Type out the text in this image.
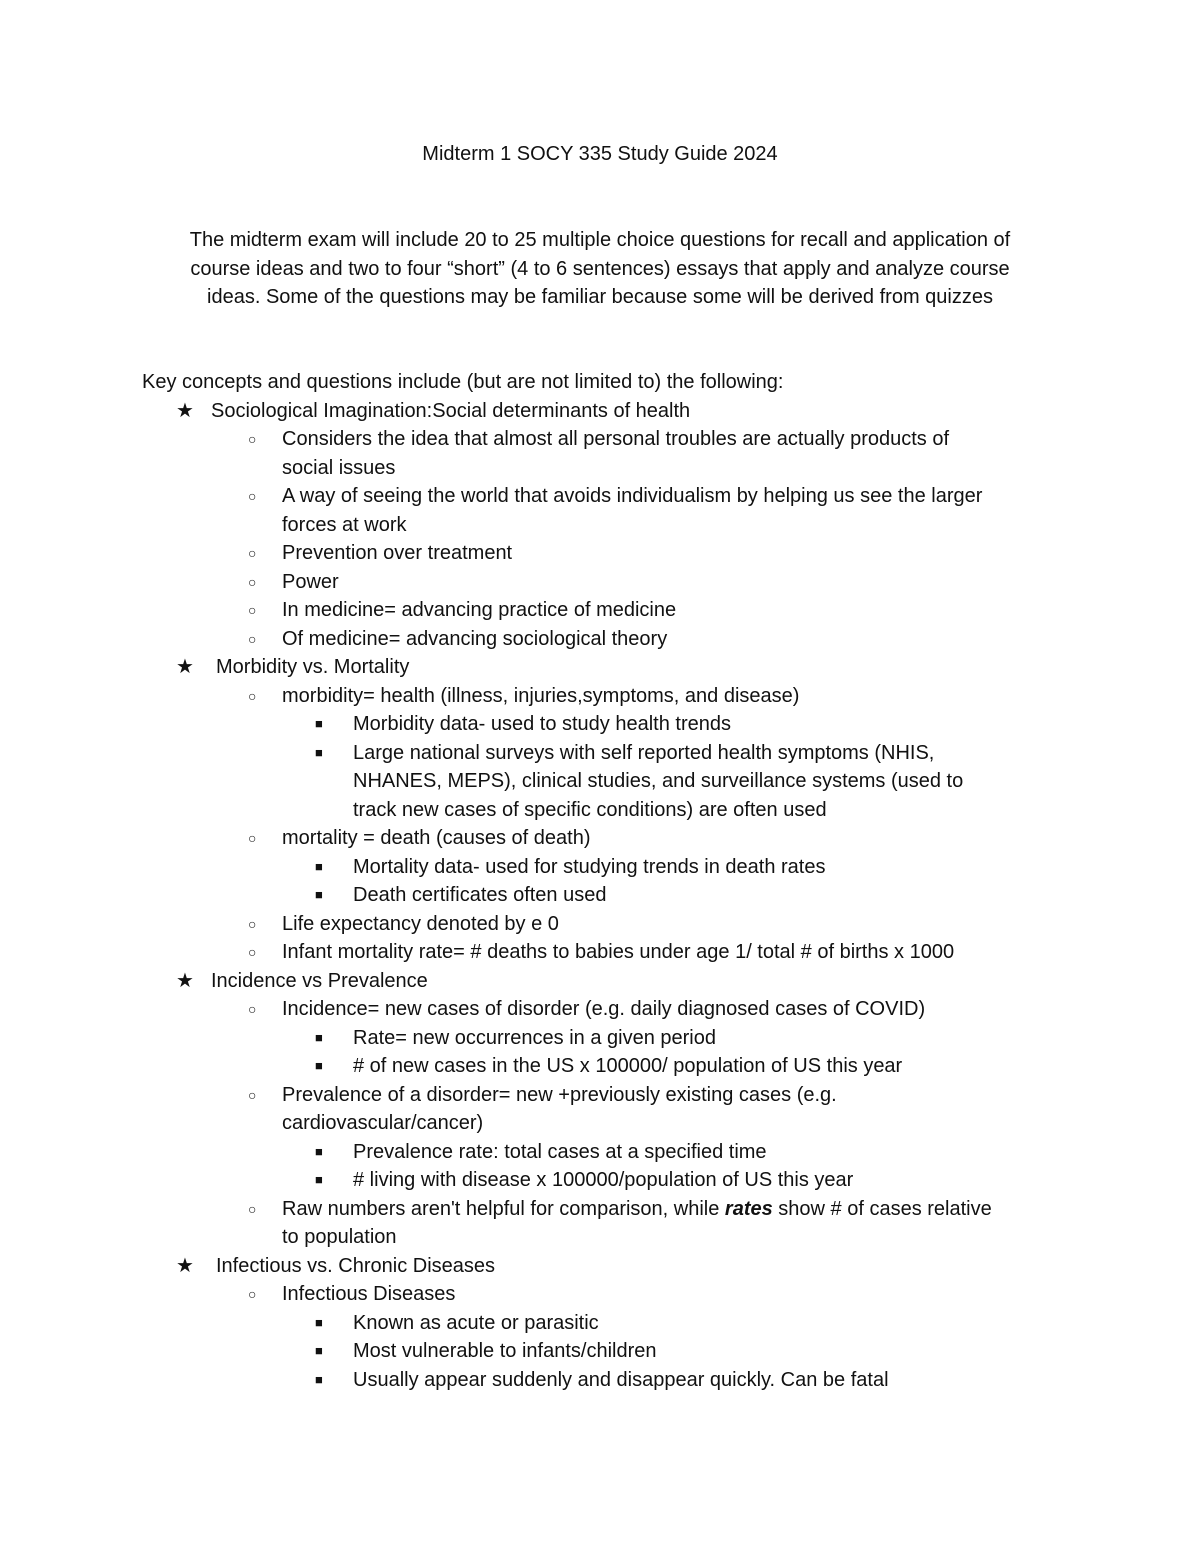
Midterm 1 SOCY 335 Study Guide 2024

The midterm exam will include 20 to 25 multiple choice questions for recall and application of

course ideas and two to four “short” (4 to 6 sentences) essays that apply and analyze course

ideas. Some of the questions may be familiar because some will be derived from quizzes

Key concepts and questions include (but are not limited to) the following:
★ Sociological Imagination:Social determinants of health
○	Considers the idea that almost all personal troubles are actually products of
social issues
○	A way of seeing the world that avoids individualism by helping us see the larger
forces at work
○	Prevention over treatment
○	Power
○	In medicine= advancing practice of medicine
○	Of medicine= advancing sociological theory
★	Morbidity vs. Mortality
○	morbidity= health (illness, injuries,symptoms, and disease)
■	Morbidity data- used to study health trends
■	Large national surveys with self reported health symptoms (NHIS,
NHANES, MEPS), clinical studies, and surveillance systems (used to
track new cases of specific conditions) are often used
○	mortality = death (causes of death)
■	Mortality data- used for studying trends in death rates
■	Death certificates often used
○	Life expectancy denoted by e 0
○	Infant mortality rate= # deaths to babies under age 1/ total # of births x 1000
★ Incidence vs Prevalence
○	Incidence= new cases of disorder (e.g. daily diagnosed cases of COVID)
■	Rate= new occurrences in a given period
■	# of new cases in the US x 100000/ population of US this year
○	Prevalence of a disorder= new +previously existing cases (e.g.
cardiovascular/cancer)
■	Prevalence rate: total cases at a specified time
■	# living with disease x 100000/population of US this year
○	Raw numbers aren't helpful for comparison, while rates show # of cases relative
to population
★	Infectious vs. Chronic Diseases
○	Infectious Diseases
■	Known as acute or parasitic
■	Most vulnerable to infants/children
■	Usually appear suddenly and disappear quickly. Can be fatal
